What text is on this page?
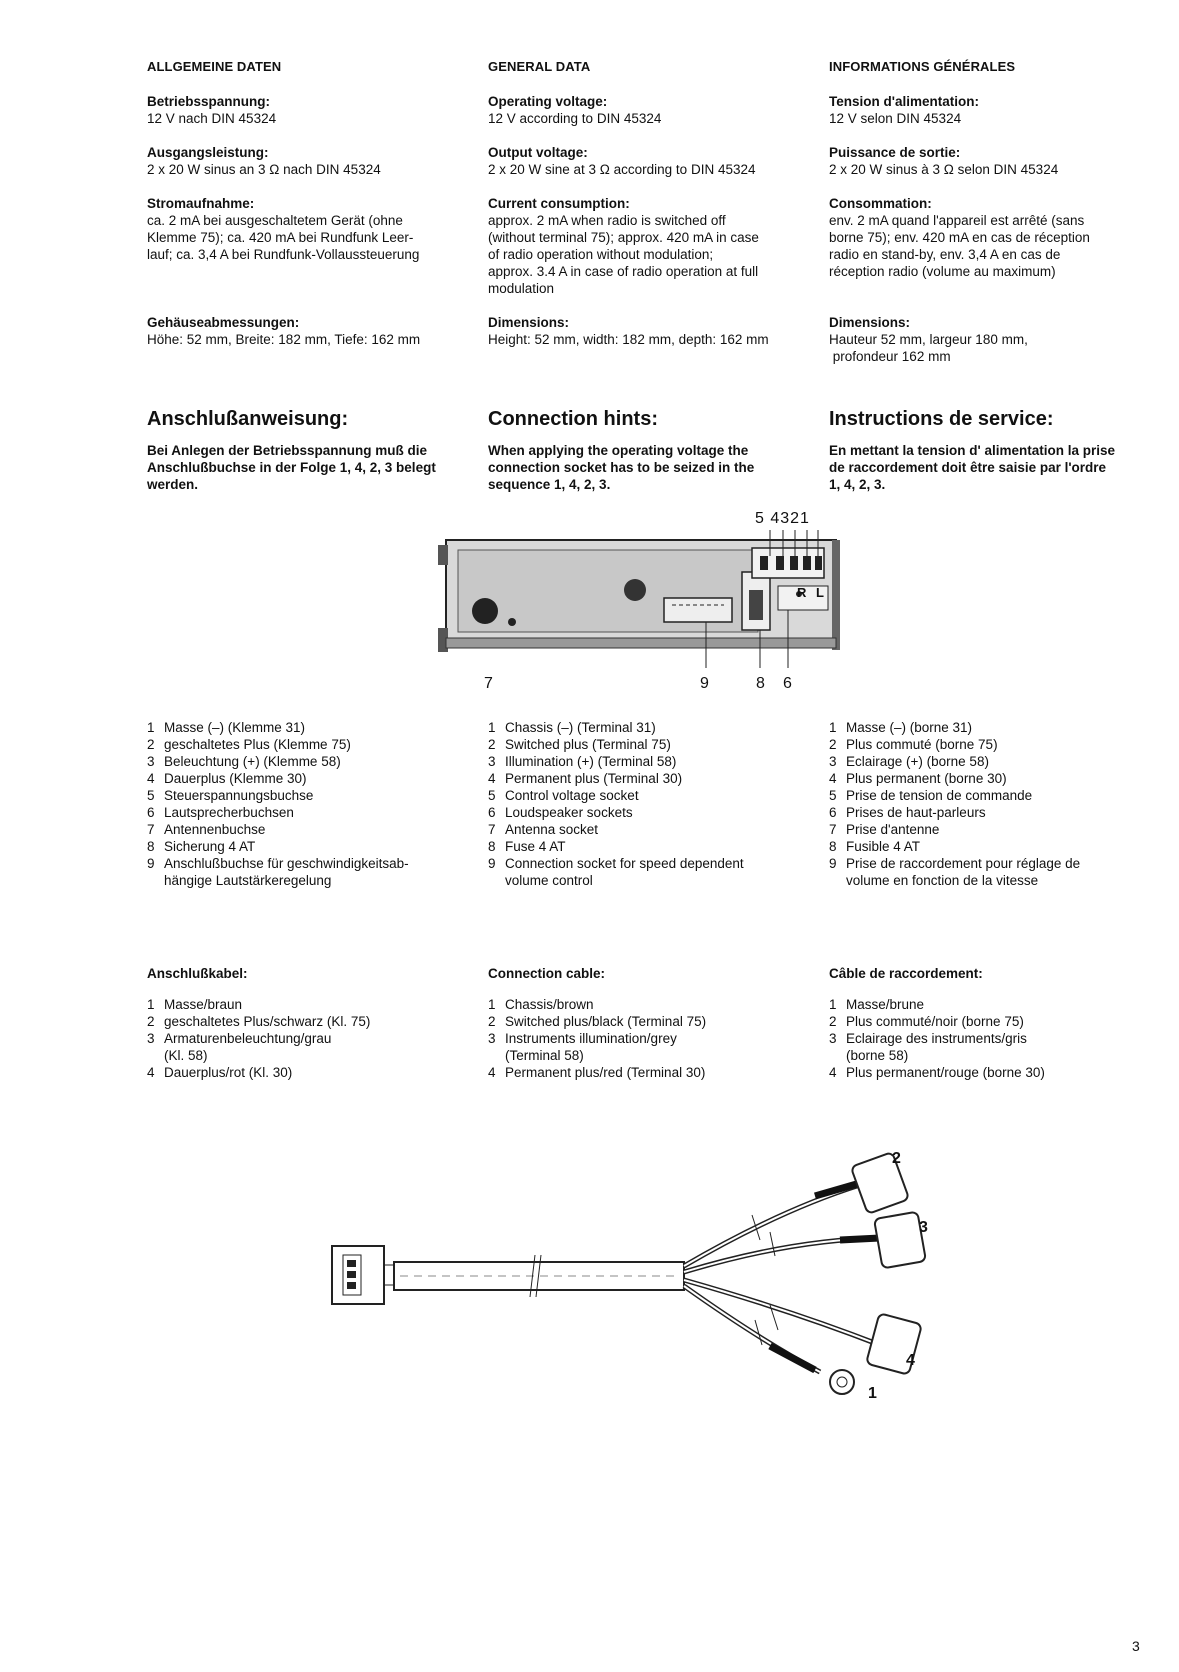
ALLGEMEINE DATEN
Betriebsspannung:
12 V nach DIN 45324
Ausgangsleistung:
2 x 20 W sinus an 3 Ω nach DIN 45324
Stromaufnahme:
ca. 2 mA bei ausgeschaltetem Gerät (ohne
Klemme 75); ca. 420 mA bei Rundfunk Leer-
lauf; ca. 3,4 A bei Rundfunk-Vollaussteuerung
Gehäuseabmessungen:
Höhe: 52 mm, Breite: 182 mm, Tiefe: 162 mm
GENERAL DATA
Operating voltage:
12 V according to DIN 45324
Output voltage:
2 x 20 W sine at 3 Ω according to DIN 45324
Current consumption:
approx. 2 mA when radio is switched off
(without terminal 75); approx. 420 mA in case
of radio operation without modulation;
approx. 3.4 A in case of radio operation at full
modulation
Dimensions:
Height: 52 mm, width: 182 mm, depth: 162 mm
INFORMATIONS GÉNÉRALES
Tension d'alimentation:
12 V selon DIN 45324
Puissance de sortie:
2 x 20 W sinus à 3 Ω selon DIN 45324
Consommation:
env. 2 mA quand l'appareil est arrêté (sans
borne 75); env. 420 mA en cas de réception
radio en stand-by, env. 3,4 A en cas de
réception radio (volume au maximum)
Dimensions:
Hauteur 52 mm, largeur 180 mm,
profondeur 162 mm
Anschlußanweisung:
Bei Anlegen der Betriebsspannung muß die
Anschlußbuchse in der Folge 1, 4, 2, 3 belegt
werden.
Connection hints:
When applying the operating voltage the
connection socket has to be seized in the
sequence 1, 4, 2, 3.
Instructions de service:
En mettant la tension d' alimentation la prise
de raccordement doit être saisie par l'ordre
1, 4, 2, 3.
5 4321
R L
7	9	8 6
1 Masse (–) (Klemme 31)
2 geschaltetes Plus (Klemme 75)
3 Beleuchtung (+) (Klemme 58)
4 Dauerplus (Klemme 30)
5 Steuerspannungsbuchse
6 Lautsprecherbuchsen
7 Antennenbuchse
8 Sicherung 4 AT
9 Anschlußbuchse für geschwindigkeitsab-
hängige Lautstärkeregelung
1 Chassis (–) (Terminal 31)
2 Switched plus (Terminal 75)
3 Illumination (+) (Terminal 58)
4 Permanent plus (Terminal 30)
5 Control voltage socket
6 Loudspeaker sockets
7 Antenna socket
8 Fuse 4 AT
9 Connection socket for speed dependent
volume control
1 Masse (–) (borne 31)
2 Plus commuté (borne 75)
3 Eclairage (+) (borne 58)
4 Plus permanent (borne 30)
5 Prise de tension de commande
6 Prises de haut-parleurs
7 Prise d'antenne
8 Fusible 4 AT
9 Prise de raccordement pour réglage de
volume en fonction de la vitesse
Anschlußkabel:
1 Masse/braun
2 geschaltetes Plus/schwarz (Kl. 75)
3 Armaturenbeleuchtung/grau
(Kl. 58)
4 Dauerplus/rot (Kl. 30)
Connection cable:
1 Chassis/brown
2 Switched plus/black (Terminal 75)
3 Instruments illumination/grey
(Terminal 58)
4 Permanent plus/red (Terminal 30)
Câble de raccordement:
1 Masse/brune
2 Plus commuté/noir (borne 75)
3 Eclairage des instruments/gris
(borne 58)
4 Plus permanent/rouge (borne 30)
2
3
4
1
3
